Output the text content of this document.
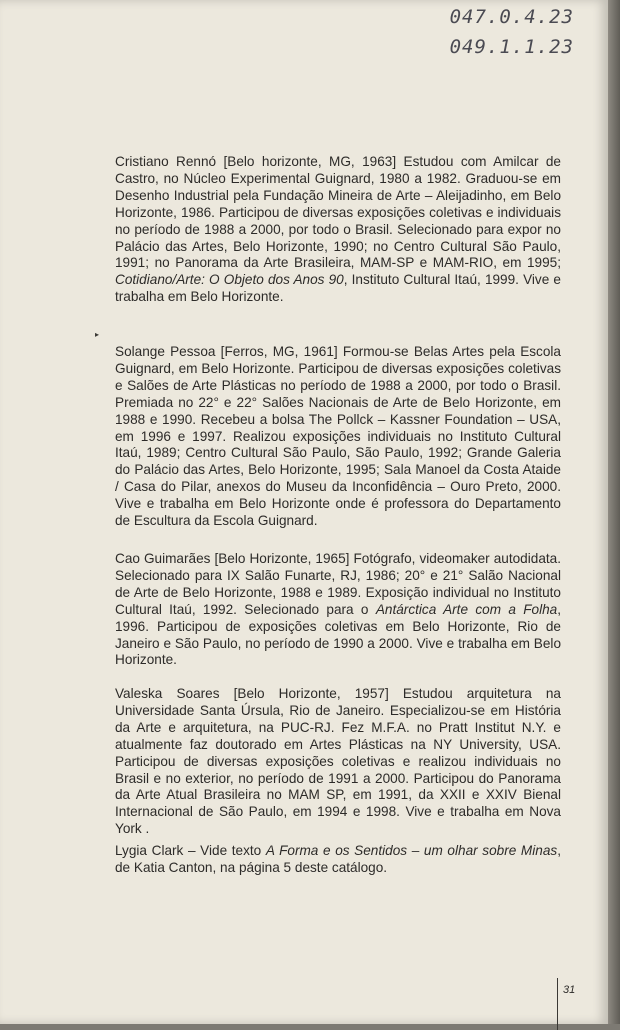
047.0.4.23
049.1.1.23

Cristiano Rennó [Belo horizonte, MG, 1963] Estudou com Amilcar de Castro, no Núcleo Experimental Guignard, 1980 a 1982. Graduou-se em Desenho Industrial pela Fundação Mineira de Arte – Aleijadinho, em Belo Horizonte, 1986. Participou de diversas exposições coletivas e individuais no período de 1988 a 2000, por todo o Brasil. Selecionado para expor no Palácio das Artes, Belo Horizonte, 1990; no Centro Cultural São Paulo, 1991; no Panorama da Arte Brasileira, MAM-SP e MAM-RIO, em 1995; Cotidiano/Arte: O Objeto dos Anos 90, Instituto Cultural Itaú, 1999. Vive e trabalha em Belo Horizonte.

▸

Solange Pessoa [Ferros, MG, 1961] Formou-se Belas Artes pela Escola Guignard, em Belo Horizonte. Participou de diversas exposições coletivas e Salões de Arte Plásticas no período de 1988 a 2000, por todo o Brasil. Premiada no 22° e 22° Salões Nacionais de Arte de Belo Horizonte, em 1988 e 1990. Recebeu a bolsa The Pollck – Kassner Foundation – USA, em 1996 e 1997. Realizou exposições individuais no Instituto Cultural Itaú, 1989; Centro Cultural São Paulo, São Paulo, 1992; Grande Galeria do Palácio das Artes, Belo Horizonte, 1995; Sala Manoel da Costa Ataide / Casa do Pilar, anexos do Museu da Inconfidência – Ouro Preto, 2000. Vive e trabalha em Belo Horizonte onde é professora do Departamento de Escultura da Escola Guignard.

Cao Guimarães [Belo Horizonte, 1965] Fotógrafo, videomaker autodidata. Selecionado para IX Salão Funarte, RJ, 1986; 20° e 21° Salão Nacional de Arte de Belo Horizonte, 1988 e 1989. Exposição individual no Instituto Cultural Itaú, 1992. Selecionado para o Antárctica Arte com a Folha, 1996. Participou de exposições coletivas em Belo Horizonte, Rio de Janeiro e São Paulo, no período de 1990 a 2000. Vive e trabalha em Belo Horizonte.

Valeska Soares [Belo Horizonte, 1957] Estudou arquitetura na Universidade Santa Úrsula, Rio de Janeiro. Especializou-se em História da Arte e arquitetura, na PUC-RJ. Fez M.F.A. no Pratt Institut N.Y. e atualmente faz doutorado em Artes Plásticas na NY University, USA. Participou de diversas exposições coletivas e realizou individuais no Brasil e no exterior, no período de 1991 a 2000. Participou do Panorama da Arte Atual Brasileira no MAM SP, em 1991, da XXII e XXIV Bienal Internacional de São Paulo, em 1994 e 1998. Vive e trabalha em Nova York .

Lygia Clark – Vide texto A Forma e os Sentidos – um olhar sobre Minas, de Katia Canton, na página 5 deste catálogo.

31
